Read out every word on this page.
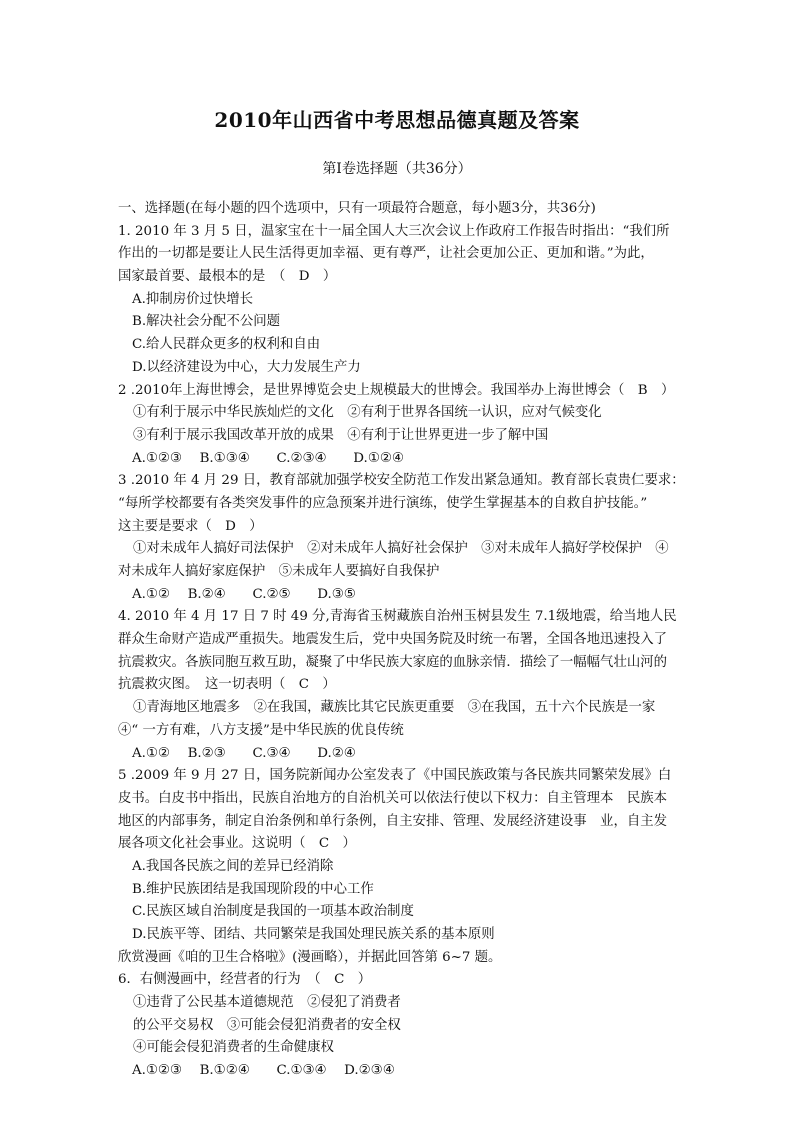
2010年山西省中考思想品德真题及答案
第Ⅰ卷选择题（共36分）
一、选择题(在每小题的四个选项中，只有一项最符合题意，每小题3分，共36分)
1. 2010 年 3 月 5 日，温家宝在十一届全国人大三次会议上作政府工作报告时指出：“我们所
作出的一切都是要让人民生活得更加幸福、更有尊严，让社会更加公正、更加和谐。”为此，
国家最首要、最根本的是　（　D　）
A.抑制房价过快增长
B.解决社会分配不公问题
C.给人民群众更多的权利和自由
D.以经济建设为中心，大力发展生产力
2 .2010年上海世博会，是世界博览会史上规模最大的世博会。我国举办上海世博会（　B　）
①有利于展示中华民族灿烂的文化　②有利于世界各国统一认识，应对气候变化
③有利于展示我国改革开放的成果　④有利于让世界更进一步了解中国
A.①②③　 B.①③④　　C.②③④　　D.①②④
3 .2010 年 4 月 29 日，教育部就加强学校安全防范工作发出紧急通知。教育部长袁贵仁要求：
“每所学校都要有各类突发事件的应急预案并进行演练，使学生掌握基本的自救自护技能。”
这主要是要求（　D　）
①对未成年人搞好司法保护　②对未成年人搞好社会保护　③对未成年人搞好学校保护　④
对未成年人搞好家庭保护　⑤未成年人要搞好自我保护
A.①②　 B.②④　　C.②⑤　　D.③⑤
4. 2010 年 4 月 17 日 7 时 49 分,青海省玉树藏族自治州玉树县发生 7.1级地震，给当地人民
群众生命财产造成严重损失。地震发生后，党中央国务院及时统一布署，全国各地迅速投入了
抗震救灾。各族同胞互救互助，凝聚了中华民族大家庭的血脉亲情．描绘了一幅幅气壮山河的
抗震救灾图。　这一切表明（　C　）
①青海地区地震多　②在我国，藏族比其它民族更重要　③在我国，五十六个民族是一家
④“ 一方有难，八方支援”是中华民族的优良传统
A.①②　 B.②③　　C.③④　　D.②④
5 .2009 年 9 月 27 日，国务院新闻办公室发表了《中国民族政策与各民族共同繁荣发展》白
皮书。白皮书中指出，民族自治地方的自治机关可以依法行使以下权力：自主管理本　民族本
地区的内部事务，制定自治条例和单行条例，自主安排、管理、发展经济建设事　业，自主发
展各项文化社会事业。这说明（　C　）
A.我国各民族之间的差异已经消除
B.维护民族团结是我国现阶段的中心工作
C.民族区域自治制度是我国的一项基本政治制度
D.民族平等、团结、共同繁荣是我国处理民族关系的基本原则
欣赏漫画《咱的卫生合格啦》(漫画略），并据此回答第 6~7 题。
6．右侧漫画中，经营者的行为　（　C　）
①违背了公民基本道德规范　②侵犯了消费者
的公平交易权　③可能会侵犯消费者的安全权
④可能会侵犯消费者的生命健康权
A.①②③　 B.①②④　　C.①③④　 D.②③④
